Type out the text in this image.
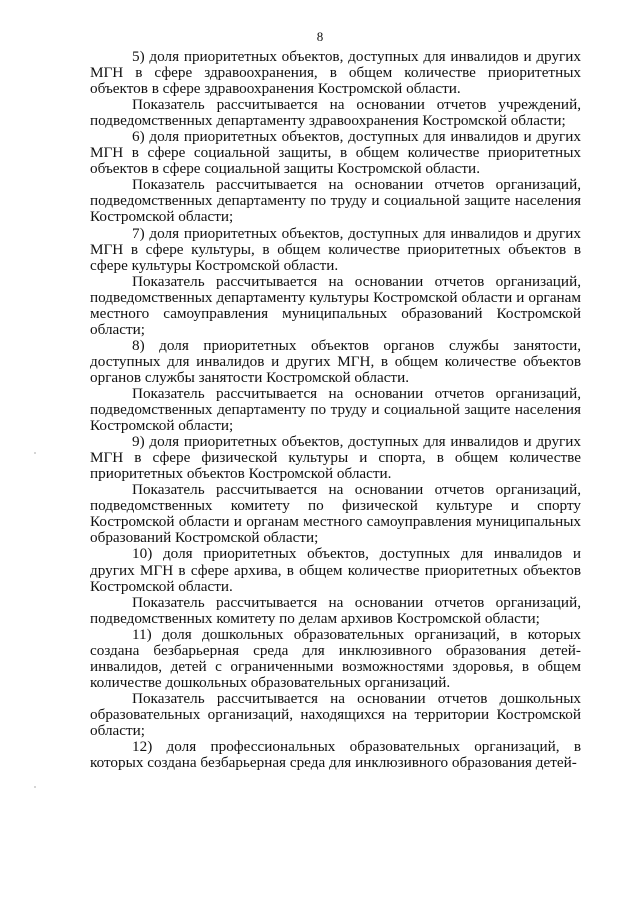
8

5) доля приоритетных объектов, доступных для инвалидов и других МГН в сфере здравоохранения, в общем количестве приоритетных объектов в сфере здравоохранения Костромской области.

Показатель рассчитывается на основании отчетов учреждений, подведомственных департаменту здравоохранения Костромской области;

6) доля приоритетных объектов, доступных для инвалидов и других МГН в сфере социальной защиты, в общем количестве приоритетных объектов в сфере социальной защиты Костромской области.

Показатель рассчитывается на основании отчетов организаций, подведомственных департаменту по труду и социальной защите населения Костромской области;

7) доля приоритетных объектов, доступных для инвалидов и других МГН в сфере культуры, в общем количестве приоритетных объектов в сфере культуры Костромской области.

Показатель рассчитывается на основании отчетов организаций, подведомственных департаменту культуры Костромской области и органам местного самоуправления муниципальных образований Костромской области;

8) доля приоритетных объектов органов службы занятости, доступных для инвалидов и других МГН, в общем количестве объектов органов службы занятости Костромской области.

Показатель рассчитывается на основании отчетов организаций, подведомственных департаменту по труду и социальной защите населения Костромской области;

9) доля приоритетных объектов, доступных для инвалидов и других МГН в сфере физической культуры и спорта, в общем количестве приоритетных объектов Костромской области.

Показатель рассчитывается на основании отчетов организаций, подведомственных комитету по физической культуре и спорту Костромской области и органам местного самоуправления муниципальных образований Костромской области;

10) доля приоритетных объектов, доступных для инвалидов и других МГН в сфере архива, в общем количестве приоритетных объектов Костромской области.

Показатель рассчитывается на основании отчетов организаций, подведомственных комитету по делам архивов Костромской области;

11) доля дошкольных образовательных организаций, в которых создана безбарьерная среда для инклюзивного образования детей-инвалидов, детей с ограниченными возможностями здоровья, в общем количестве дошкольных образовательных организаций.

Показатель рассчитывается на основании отчетов дошкольных образовательных организаций, находящихся на территории Костромской области;

12) доля профессиональных образовательных организаций, в которых создана безбарьерная среда для инклюзивного образования детей-
